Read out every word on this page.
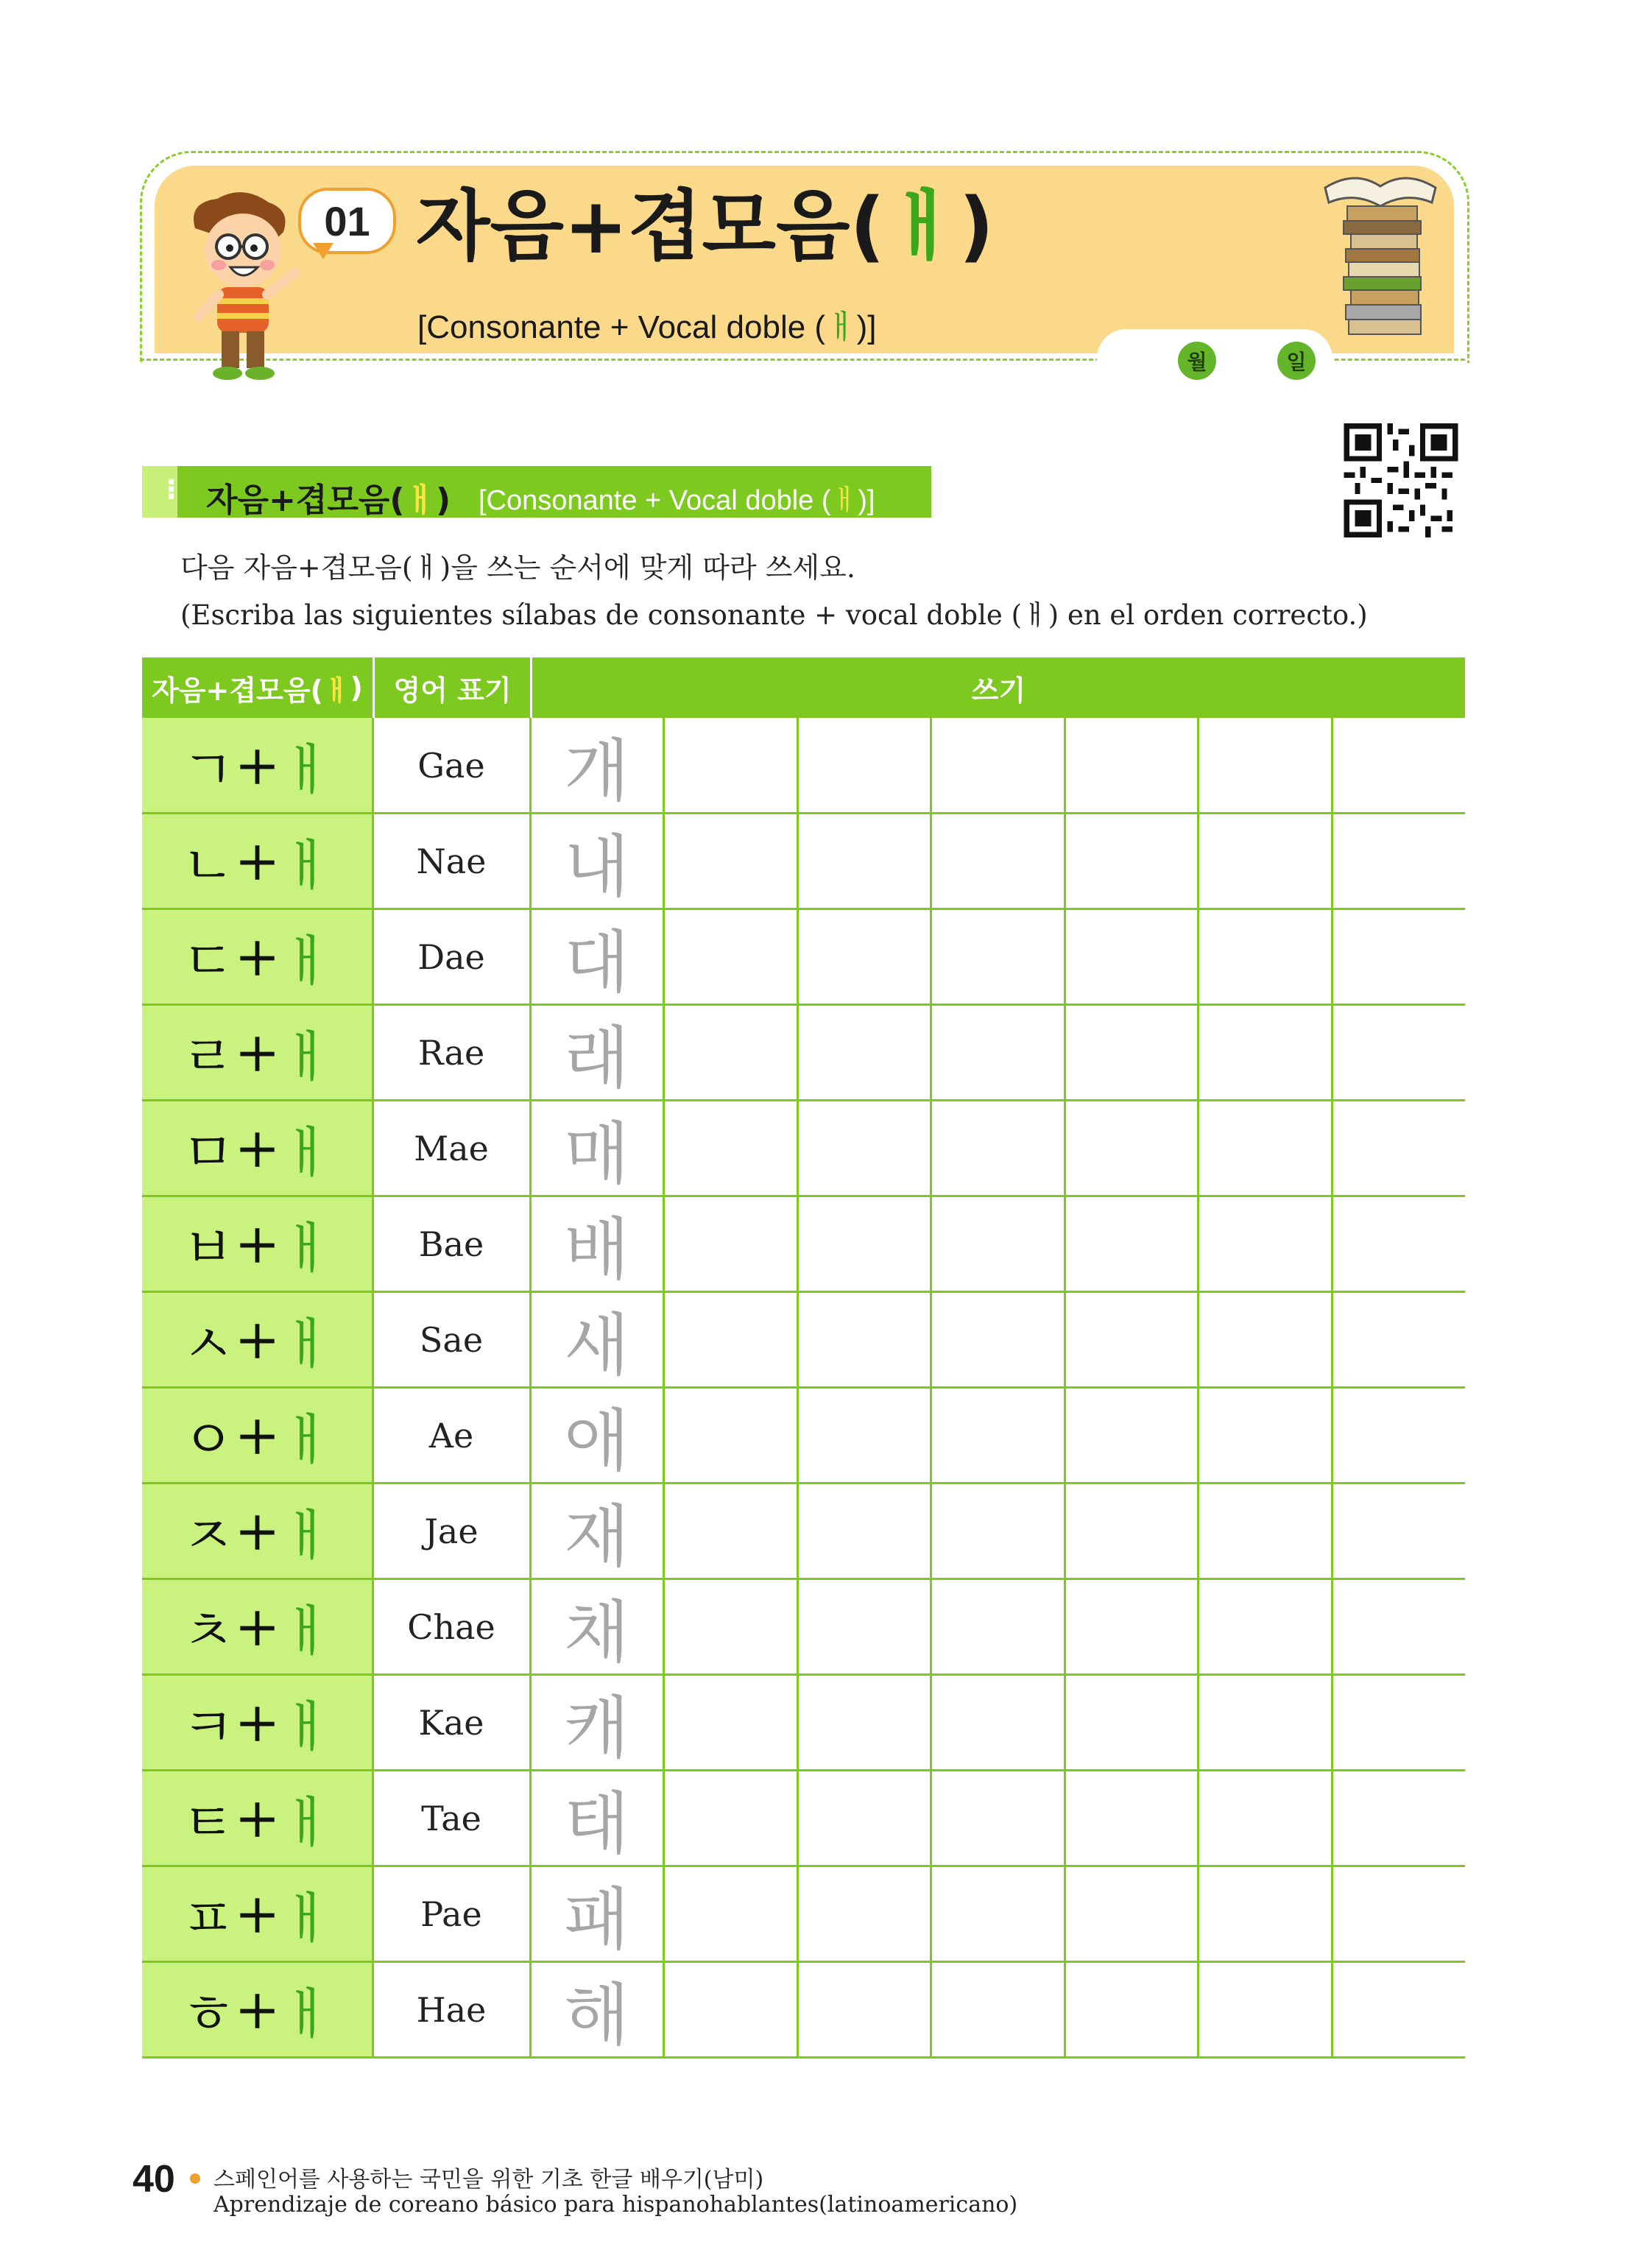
01 자음+겹모음(ㅐ)
[Consonante + Vocal doble (ㅐ)]
월	일
⁝ 자음+겹모음(ㅐ) [Consonante + Vocal doble (ㅐ)]
다음 자음+겹모음(ㅐ)을 쓰는 순서에 맞게 따라 쓰세요.
(Escriba las siguientes sílabas de consonante + vocal doble (ㅐ) en el orden correcto.)
자음+겹모음( ㅐ )	영어 표기	쓰기
ㄱ + ㅐ	Gae	개
ㄴ + ㅐ	Nae	내
ㄷ + ㅐ	Dae	대
ㄹ + ㅐ	Rae	래
ㅁ + ㅐ	Mae	매
ㅂ + ㅐ	Bae	배
ㅅ + ㅐ	Sae	새
ㅇ + ㅐ	Ae	애
ㅈ + ㅐ	Jae	재
ㅊ + ㅐ	Chae	채
ㅋ + ㅐ	Kae	캐
ㅌ + ㅐ	Tae	태
ㅍ + ㅐ	Pae	패
ㅎ + ㅐ	Hae	해
40 스페인어를 사용하는 국민을 위한 기초 한글 배우기(남미)
Aprendizaje de coreano básico para hispanohablantes(latinoamericano)
